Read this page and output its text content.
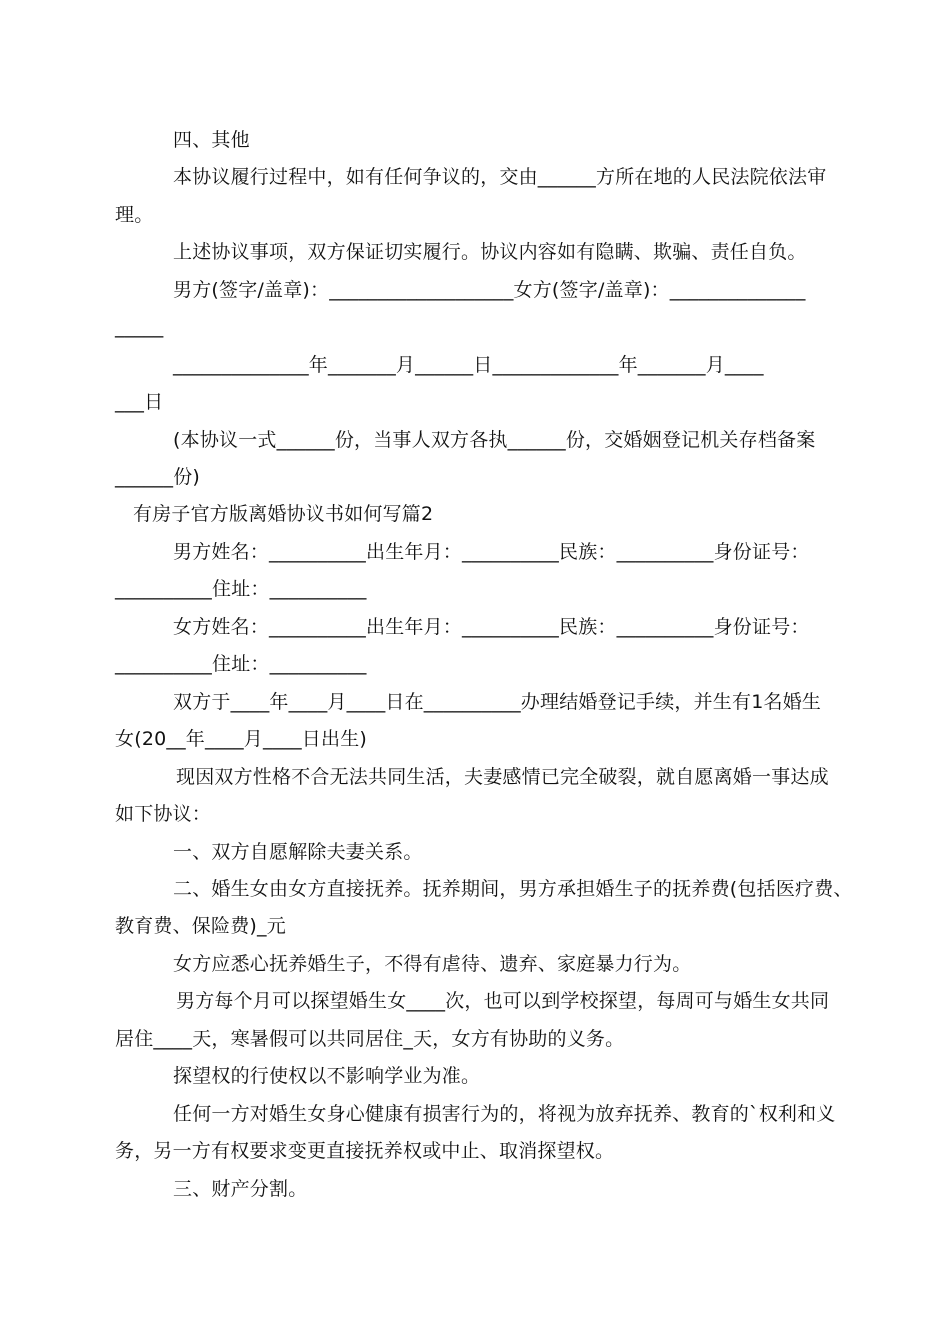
四、其他
本协议履行过程中，如有任何争议的，交由______方所在地的人民法院依法审
理。
上述协议事项，双方保证切实履行。协议内容如有隐瞒、欺骗、责任自负。
男方(签字/盖章)：___________________女方(签字/盖章)：______________
_____
______________年_______月______日_____________年_______月____
___日
(本协议一式______份，当事人双方各执______份，交婚姻登记机关存档备案
______份)
有房子官方版离婚协议书如何写篇2
男方姓名：__________出生年月：__________民族：__________身份证号：
__________住址：__________
女方姓名：__________出生年月：__________民族：__________身份证号：
__________住址：__________
双方于____年____月____日在__________办理结婚登记手续，并生有1名婚生
女(20__年____月____日出生)
现因双方性格不合无法共同生活，夫妻感情已完全破裂，就自愿离婚一事达成
如下协议：
一、双方自愿解除夫妻关系。
二、婚生女由女方直接抚养。抚养期间，男方承担婚生子的抚养费(包括医疗费、
教育费、保险费)_元
女方应悉心抚养婚生子，不得有虐待、遗弃、家庭暴力行为。
男方每个月可以探望婚生女____次，也可以到学校探望，每周可与婚生女共同
居住____天，寒暑假可以共同居住_天，女方有协助的义务。
探望权的行使权以不影响学业为准。
任何一方对婚生女身心健康有损害行为的，将视为放弃抚养、教育的`权利和义
务，另一方有权要求变更直接抚养权或中止、取消探望权。
三、财产分割。
